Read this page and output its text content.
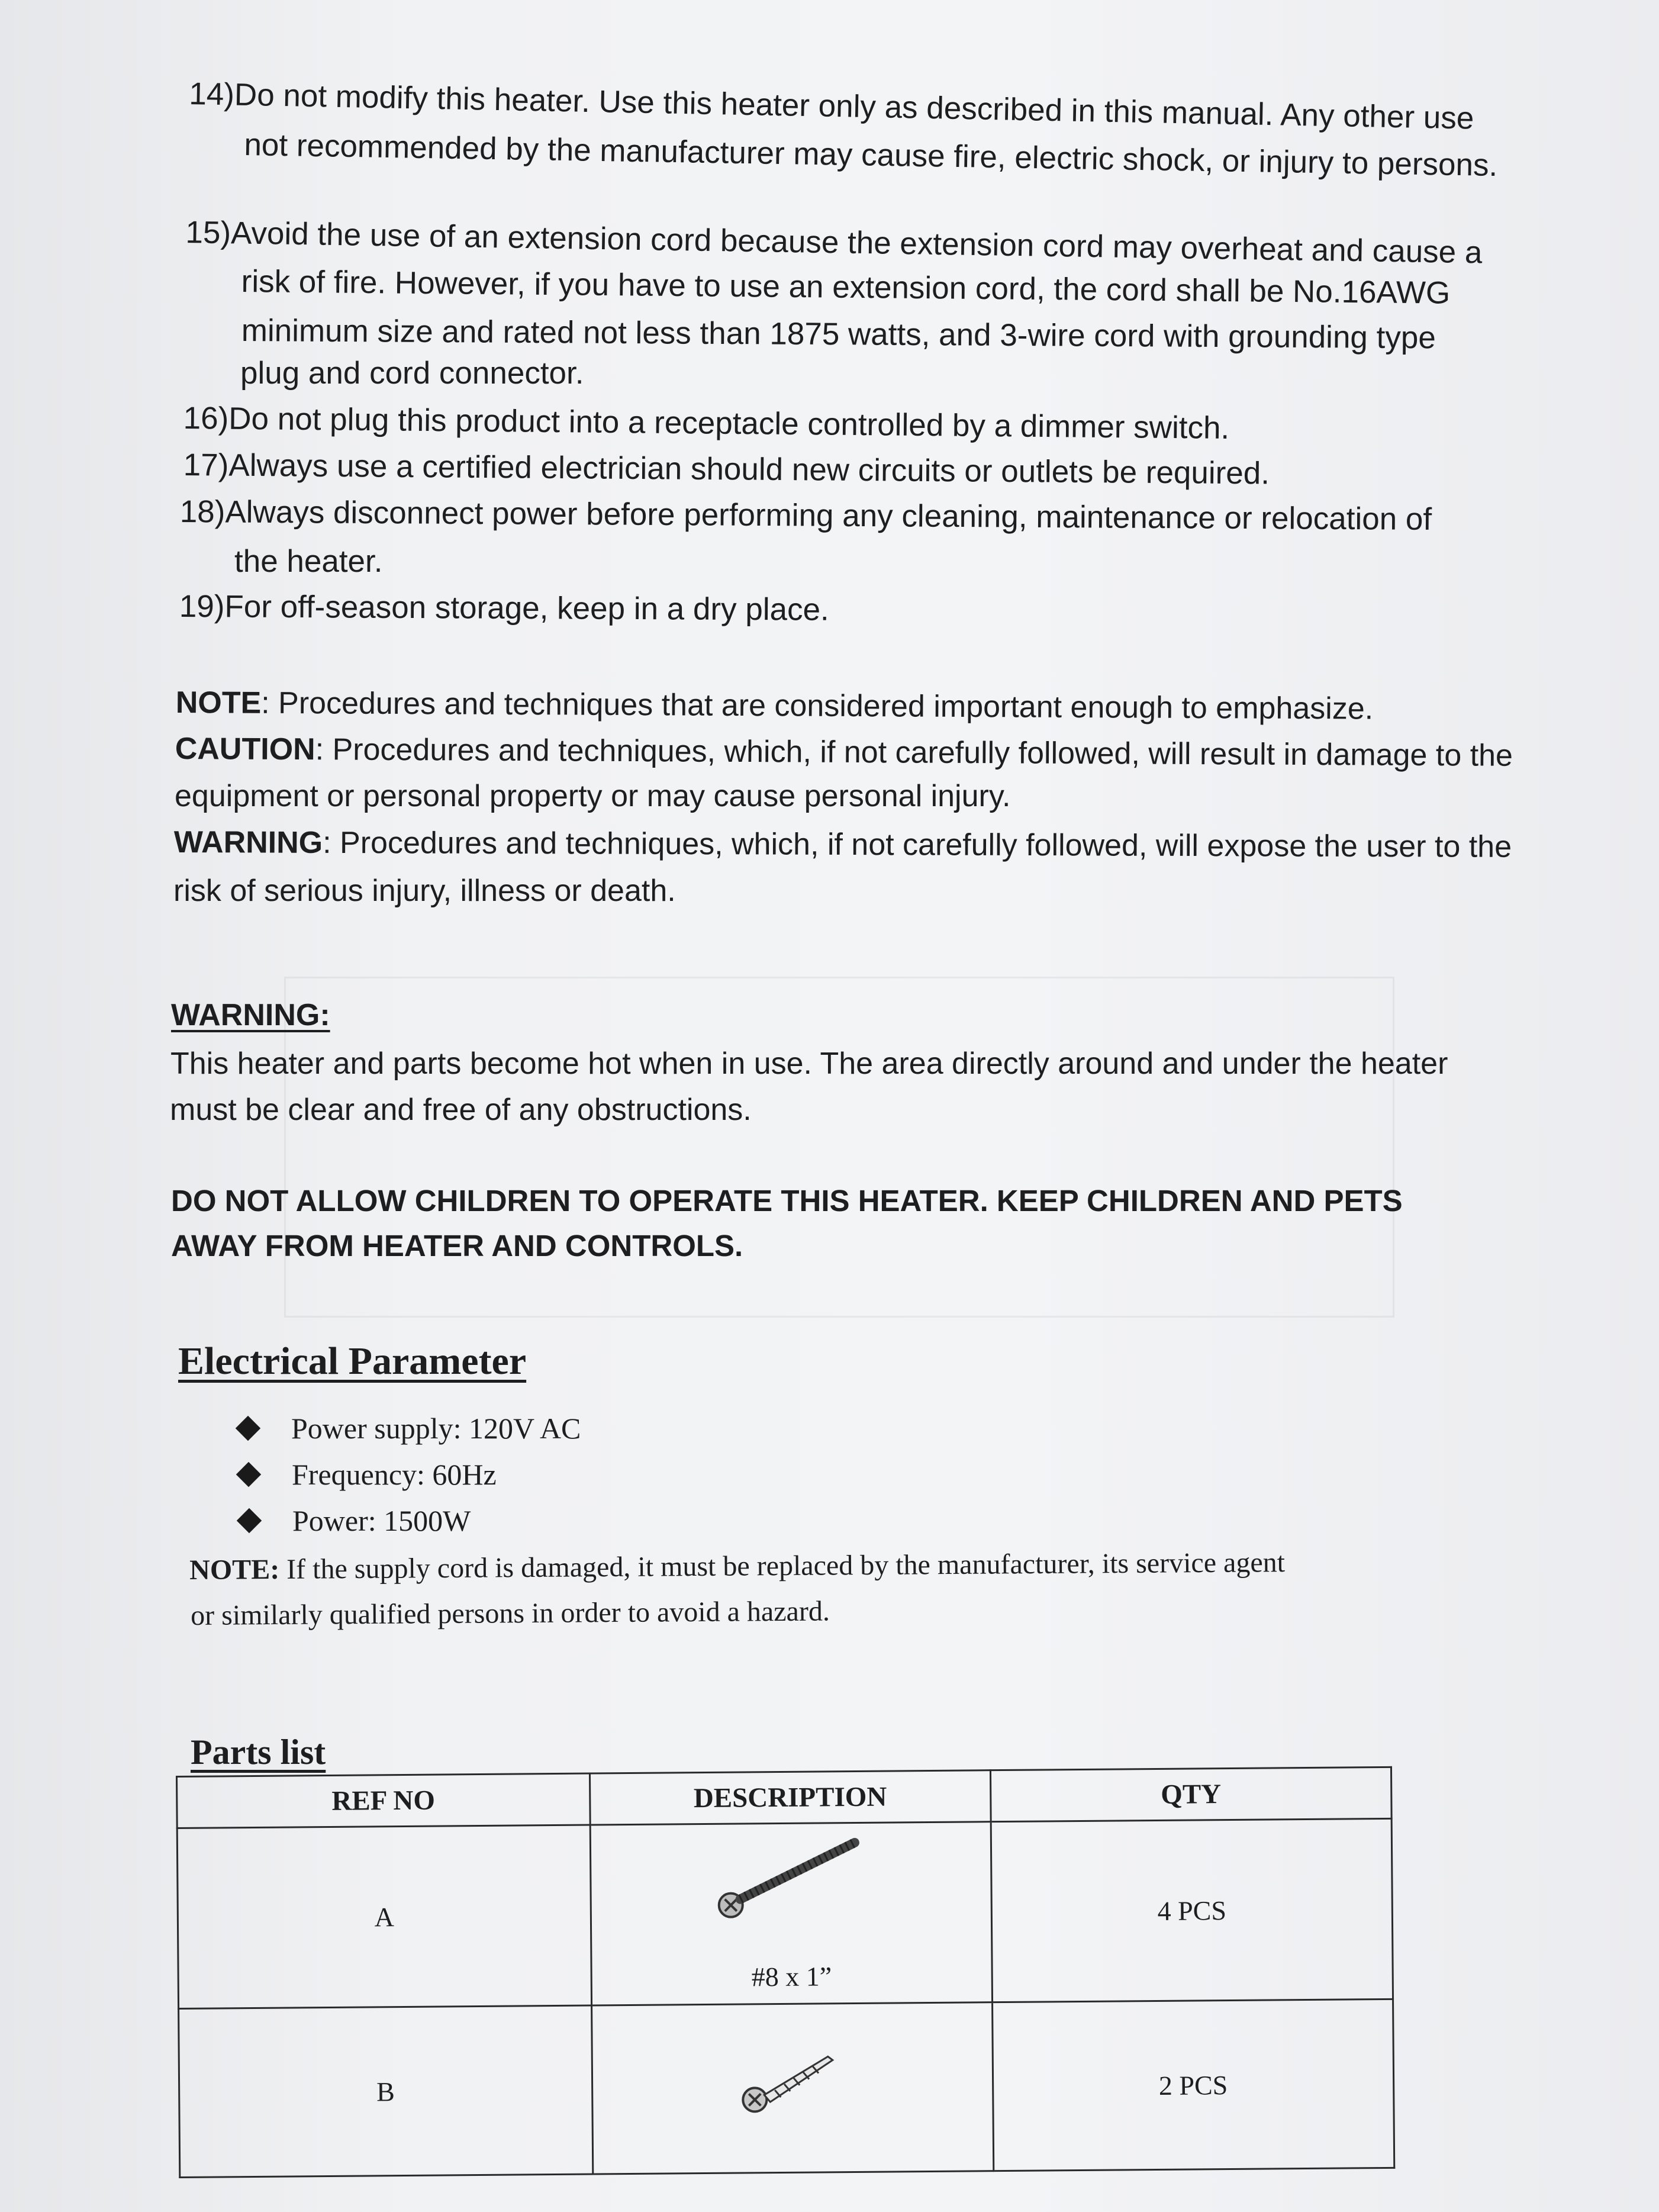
14)Do not modify this heater. Use this heater only as described in this manual. Any other use
not recommended by the manufacturer may cause fire, electric shock, or injury to persons.
15)Avoid the use of an extension cord because the extension cord may overheat and cause a
risk of fire. However, if you have to use an extension cord, the cord shall be No.16AWG
minimum size and rated not less than 1875 watts, and 3-wire cord with grounding type
plug and cord connector.
16)Do not plug this product into a receptacle controlled by a dimmer switch.
17)Always use a certified electrician should new circuits or outlets be required.
18)Always disconnect power before performing any cleaning, maintenance or relocation of
the heater.
19)For off-season storage, keep in a dry place.
NOTE: Procedures and techniques that are considered important enough to emphasize.
CAUTION: Procedures and techniques, which, if not carefully followed, will result in damage to the
equipment or personal property or may cause personal injury.
WARNING: Procedures and techniques, which, if not carefully followed, will expose the user to the
risk of serious injury, illness or death.
WARNING:
This heater and parts become hot when in use. The area directly around and under the heater
must be clear and free of any obstructions.
DO NOT ALLOW CHILDREN TO OPERATE THIS HEATER. KEEP CHILDREN AND PETS
AWAY FROM HEATER AND CONTROLS.
Electrical Parameter
Power supply: 120V AC
Frequency: 60Hz
Power: 1500W
NOTE: If the supply cord is damaged, it must be replaced by the manufacturer, its service agent
or similarly qualified persons in order to avoid a hazard.
Parts list
REF NO	DESCRIPTION	QTY
A	#8 x 1”	4 PCS
B		2 PCS
